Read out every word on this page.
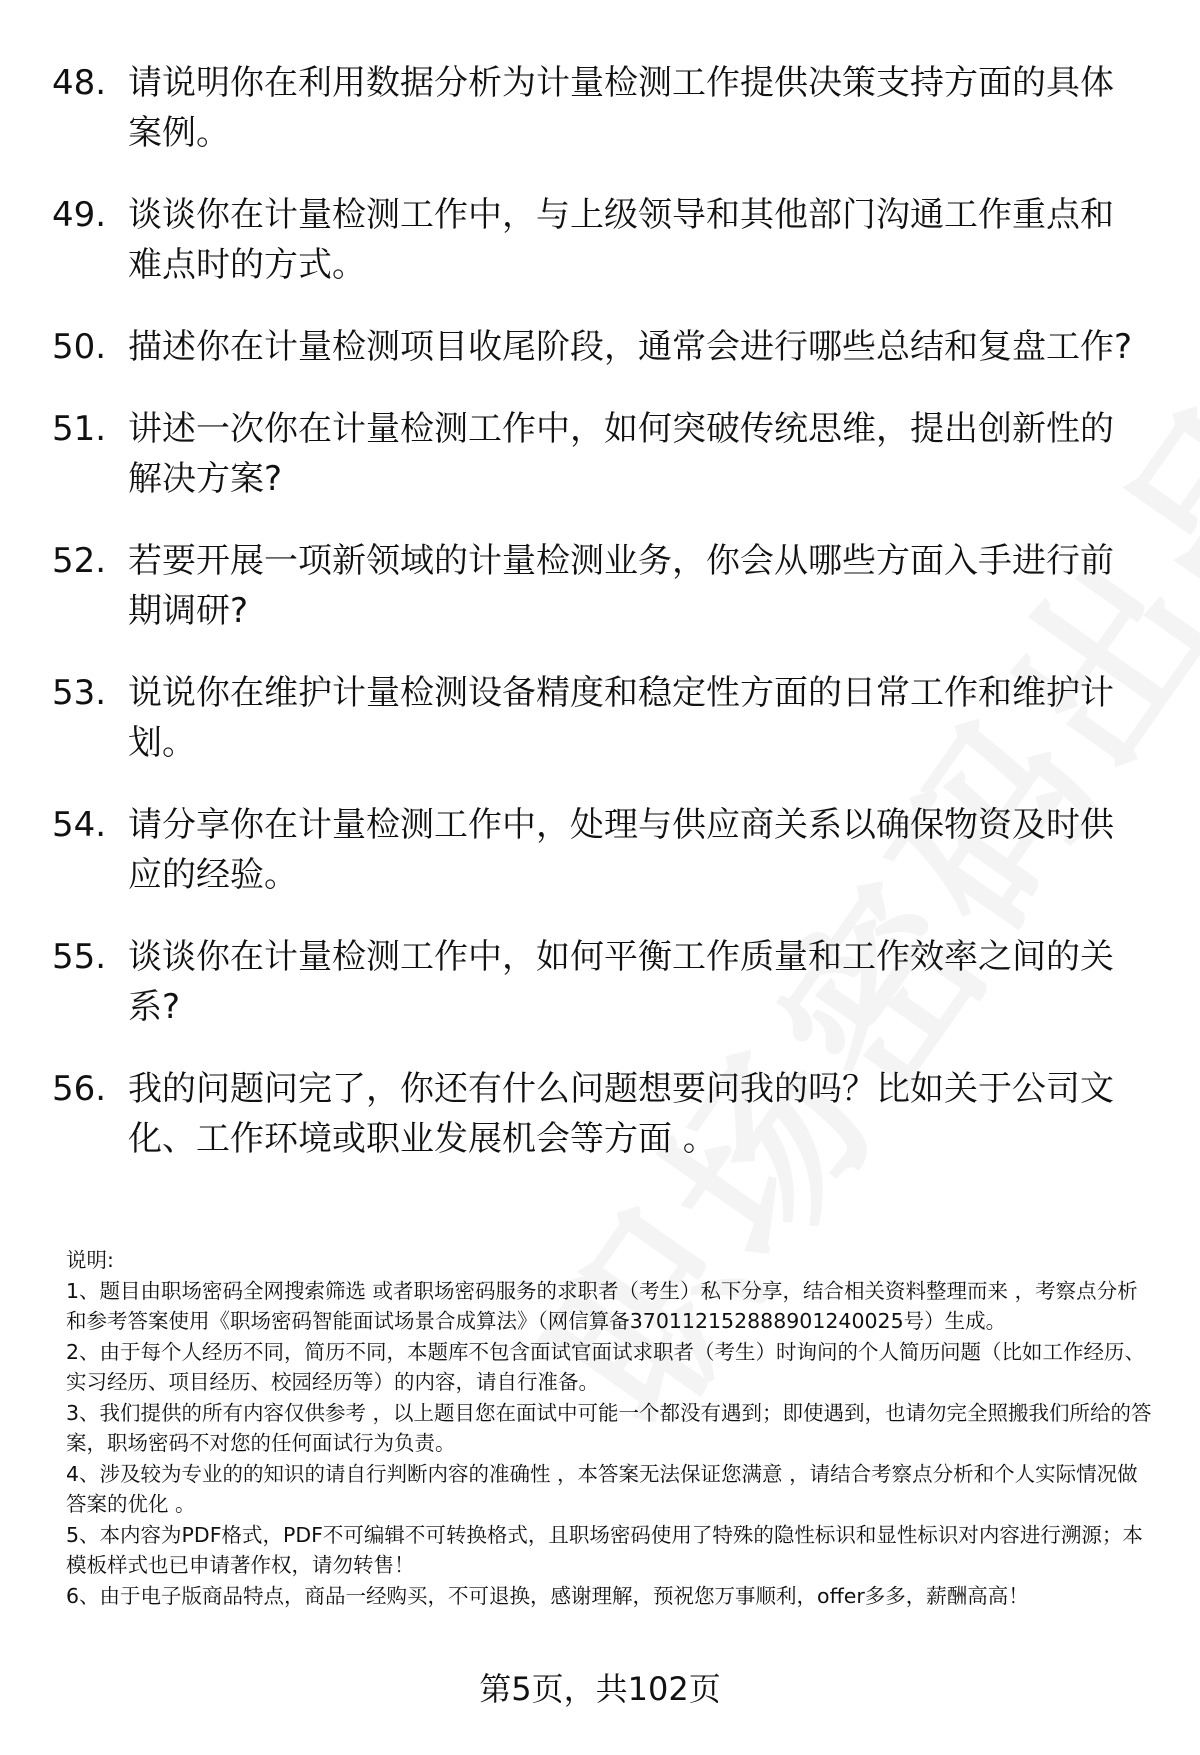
48. 请说明你在利用数据分析为计量检测工作提供决策支持方面的具体案例。
49. 谈谈你在计量检测工作中，与上级领导和其他部门沟通工作重点和难点时的方式。
50. 描述你在计量检测项目收尾阶段，通常会进行哪些总结和复盘工作?
51. 讲述一次你在计量检测工作中，如何突破传统思维，提出创新性的解决方案?
52. 若要开展一项新领域的计量检测业务，你会从哪些方面入手进行前期调研?
53. 说说你在维护计量检测设备精度和稳定性方面的日常工作和维护计划。
54. 请分享你在计量检测工作中，处理与供应商关系以确保物资及时供应的经验。
55. 谈谈你在计量检测工作中，如何平衡工作质量和工作效率之间的关系?
56. 我的问题问完了，你还有什么问题想要问我的吗？比如关于公司文化、工作环境或职业发展机会等方面 。
说明:
1、题目由职场密码全网搜索筛选 或者职场密码服务的求职者（考生）私下分享，结合相关资料整理而来 ，考察点分析和参考答案使用《职场密码智能面试场景合成算法》（网信算备370112152888901240025号）生成。
2、由于每个人经历不同，简历不同，本题库不包含面试官面试求职者（考生）时询问的个人简历问题（比如工作经历、实习经历、项目经历、校园经历等）的内容，请自行准备。
3、我们提供的所有内容仅供参考 ，以上题目您在面试中可能一个都没有遇到；即使遇到，也请勿完全照搬我们所给的答案，职场密码不对您的任何面试行为负责。
4、涉及较为专业的的知识的请自行判断内容的准确性 ，本答案无法保证您满意 ，请结合考察点分析和个人实际情况做答案的优化 。
5、本内容为PDF格式，PDF不可编辑不可转换格式，且职场密码使用了特殊的隐性标识和显性标识对内容进行溯源；本模板样式也已申请著作权，请勿转售！
6、由于电子版商品特点，商品一经购买，不可退换，感谢理解，预祝您万事顺利，offer多多，薪酬高高！
第5页，共102页
